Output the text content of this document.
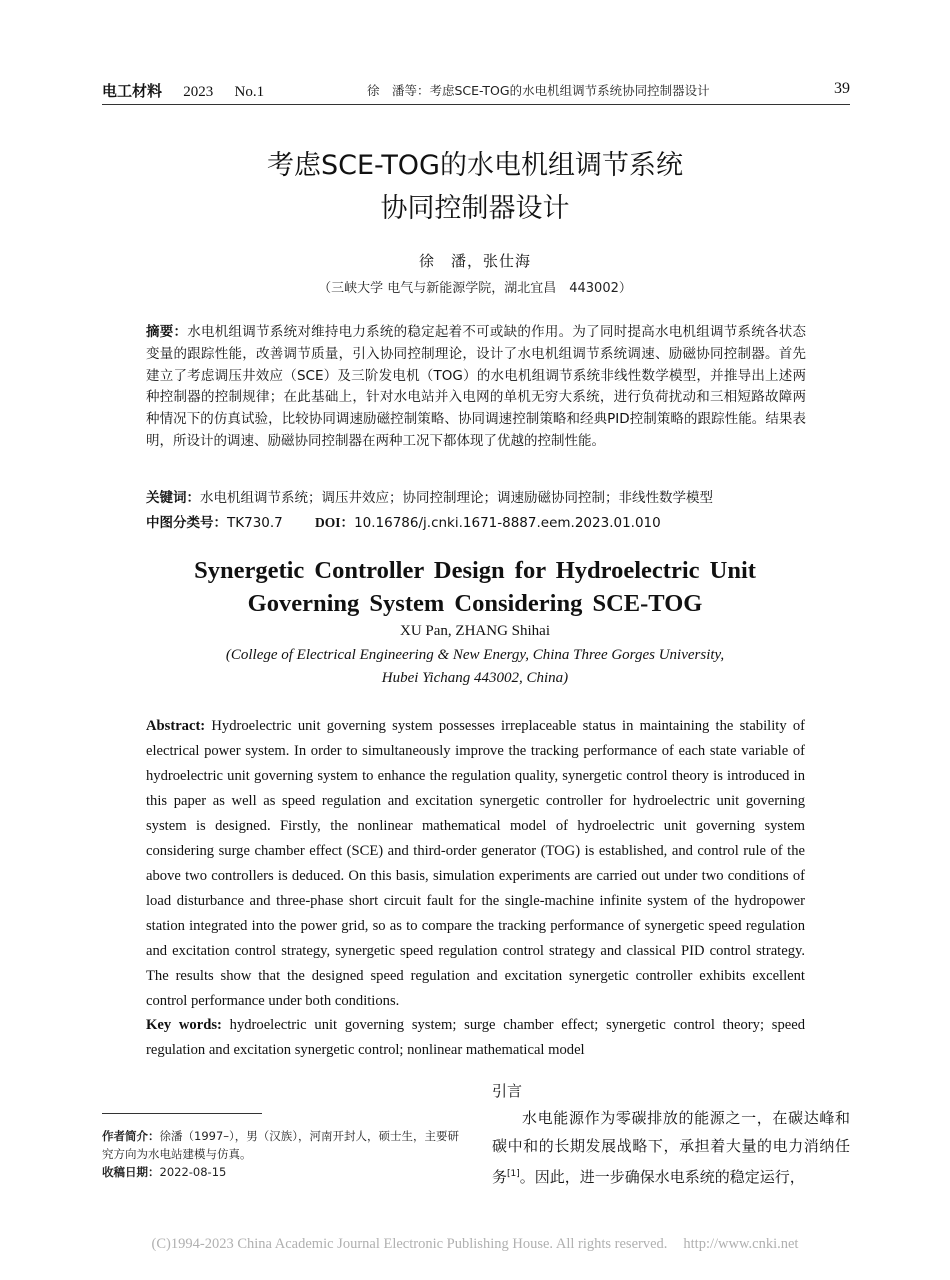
电工材料 2023 No.1	徐　潘等：考虑SCE-TOG的水电机组调节系统协同控制器设计	39
考虑SCE-TOG的水电机组调节系统
协同控制器设计
徐　潘，张仕海
（三峡大学 电气与新能源学院，湖北宜昌　443002）
摘要：水电机组调节系统对维持电力系统的稳定起着不可或缺的作用。为了同时提高水电机组调节系统各状态变量的跟踪性能，改善调节质量，引入协同控制理论，设计了水电机组调节系统调速、励磁协同控制器。首先建立了考虑调压井效应（SCE）及三阶发电机（TOG）的水电机组调节系统非线性数学模型，并推导出上述两种控制器的控制规律；在此基础上，针对水电站并入电网的单机无穷大系统，进行负荷扰动和三相短路故障两种情况下的仿真试验，比较协同调速励磁控制策略、协同调速控制策略和经典PID控制策略的跟踪性能。结果表明，所设计的调速、励磁协同控制器在两种工况下都体现了优越的控制性能。
关键词：水电机组调节系统；调压井效应；协同控制理论；调速励磁协同控制；非线性数学模型
中图分类号：TK730.7 DOI：10.16786/j.cnki.1671-8887.eem.2023.01.010
Synergetic Controller Design for Hydroelectric Unit
Governing System Considering SCE-TOG
XU Pan, ZHANG Shihai
(College of Electrical Engineering & New Energy, China Three Gorges University,
Hubei Yichang 443002, China)
Abstract: Hydroelectric unit governing system possesses irreplaceable status in maintaining the stability of electrical power system. In order to simultaneously improve the tracking performance of each state variable of hydroelectric unit governing system to enhance the regulation quality, synergetic control theory is introduced in this paper as well as speed regulation and excitation synergetic controller for hydroelectric unit governing system is designed. Firstly, the nonlinear mathematical model of hydroelectric unit governing system considering surge chamber effect (SCE) and third-order generator (TOG) is established, and control rule of the above two controllers is deduced. On this basis, simulation experiments are carried out under two conditions of load disturbance and three-phase short circuit fault for the single-machine infinite system of the hydropower station integrated into the power grid, so as to compare the tracking performance of synergetic speed regulation and excitation control strategy, synergetic speed regulation control strategy and classical PID control strategy. The results show that the designed speed regulation and excitation synergetic controller exhibits excellent control performance under both conditions.
Key words: hydroelectric unit governing system; surge chamber effect; synergetic control theory; speed regulation and excitation synergetic control; nonlinear mathematical model
引言
水电能源作为零碳排放的能源之一，在碳达峰和碳中和的长期发展战略下，承担着大量的电力消纳任务[1]。因此，进一步确保水电系统的稳定运行，
作者简介：徐潘（1997–），男（汉族），河南开封人，硕士生，主要研究方向为水电站建模与仿真。
收稿日期：2022-08-15
(C)1994-2023 China Academic Journal Electronic Publishing House. All rights reserved. http://www.cnki.net
